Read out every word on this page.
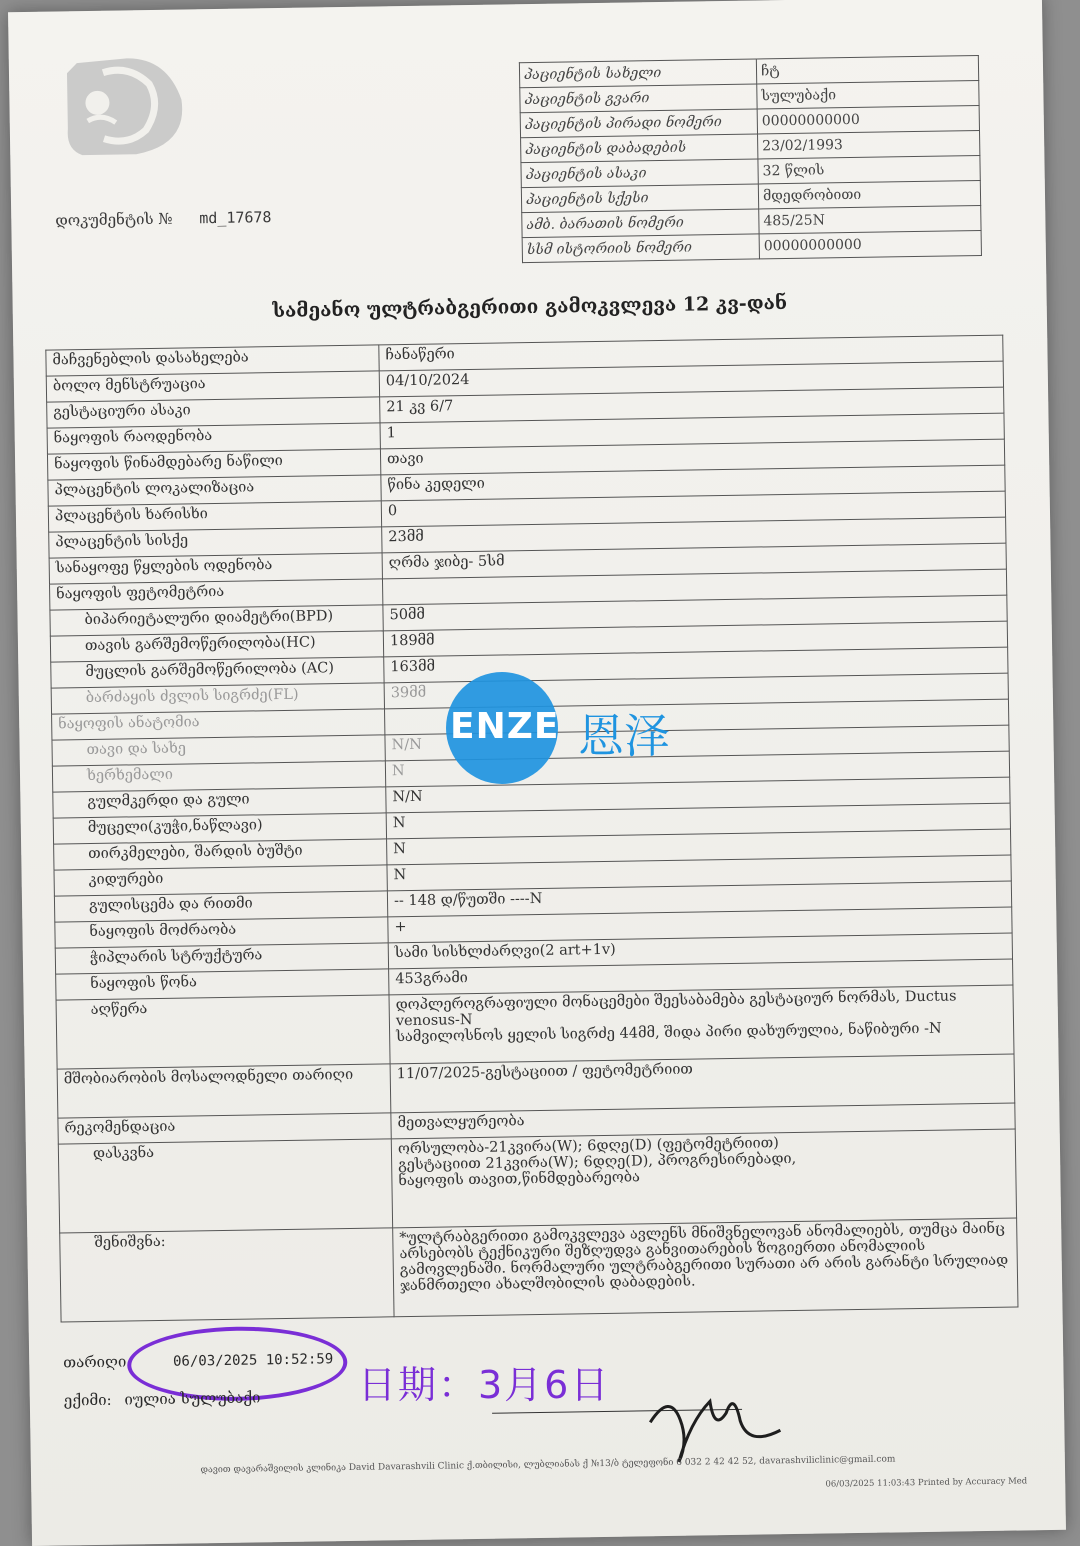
დოკუმენტის № md_17678
პაციენტის სახელი	ჩტ
პაციენტის გვარი	სულუბაქი
პაციენტის პირადი ნომერი	00000000000
პაციენტის დაბადების	23/02/1993
პაციენტის ასაკი	32 წლის
პაციენტის სქესი	მდედრობითი
ამბ. ბარათის ნომერი	485/25N
სსმ ისტორიის ნომერი	00000000000
სამეანო ულტრაბგერითი გამოკვლევა 12 კვ-დან
მაჩვენებლის დასახელება	ჩანაწერი
ბოლო მენსტრუაცია	04/10/2024
გესტაციური ასაკი	21 კვ 6/7
ნაყოფის რაოდენობა	1
ნაყოფის წინამდებარე ნაწილი	თავი
პლაცენტის ლოკალიზაცია	წინა კედელი
პლაცენტის ხარისხი	0
პლაცენტის სისქე	23მმ
სანაყოფე წყლების ოდენობა	ღრმა ჯიბე- 5სმ
ნაყოფის ფეტომეტრია	
ბიპარიეტალური დიამეტრი(BPD)	50მმ
თავის გარშემოწერილობა(HC)	189მმ
მუცლის გარშემოწერილობა (AC)	163მმ
ბარძაყის ძვლის სიგრძე(FL)	39მმ
ნაყოფის ანატომია	
თავი და სახე	N/N
ხერხემალი	N
გულმკერდი და გული	N/N
მუცელი(კუჭი,ნაწლავი)	N
თირკმელები, შარდის ბუშტი	N
კიდურები	N
გულისცემა და რითმი	-- 148 დ/წუთში ----N
ნაყოფის მოძრაობა	+
ჭიპლარის სტრუქტურა	სამი სისხლძარღვი(2 art+1v)
ნაყოფის წონა	453გრამი
აღწერა	დოპლეროგრაფიული მონაცემები შეესაბამება გესტაციურ ნორმას, Ductus venosus-N
სამვილოსნოს ყელის სიგრძე 44მმ, შიდა პირი დახურულია, ნაწიბური -N
მშობიარობის მოსალოდნელი თარიღი	11/07/2025-გესტაციით / ფეტომეტრიით
რეკომენდაცია	მეთვალყურეობა
დასკვნა	ორსულობა-21კვირა(W); 6დღე(D) (ფეტომეტრიით)
გესტაციით 21კვირა(W); 6დღე(D), პროგრესირებადი,
ნაყოფის თავით,წინმდებარეობა
შენიშვნა:	*ულტრაბგერითი გამოკვლევა ავლენს მნიშვნელოვან ანომალიებს, თუმცა მაინც არსებობს ტექნიკური შეზღუდვა განვითარების ზოგიერთი ანომალიის გამოვლენაში. ნორმალური ულტრაბგერითი სურათი არ არის გარანტი სრულიად ჯანმრთელი ახალშობილის დაბადების.
თარიღი	06/03/2025 10:52:59
ექიმი: იულია სულუბაქი
დავით დავარაშვილის კლინიკა David Davarashvili Clinic ქ.თბილისი, ლუბლიანას ქ №13/ბ ტელეფონი 6 032 2 42 42 52, davarashviliclinic@gmail.com
06/03/2025 11:03:43 Printed by Accuracy Med
日期：3月6日
ENZE 恩泽
